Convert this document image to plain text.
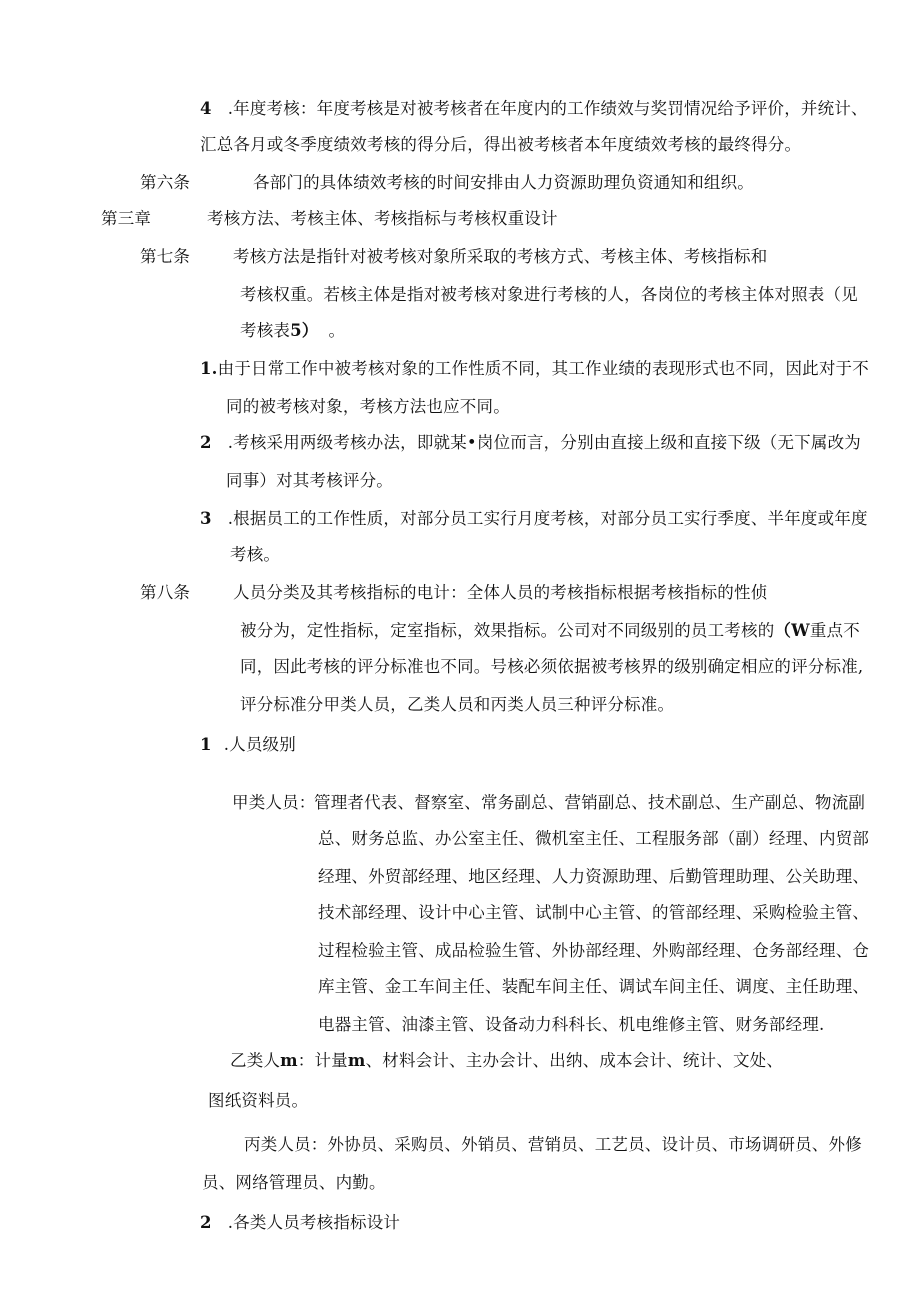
4 .年度考核：年度考核是对被考核者在年度内的工作绩效与奖罚情况给予评价，并统计、
汇总各月或冬季度绩效考核的得分后，得出被考核者本年度绩效考核的最终得分。
第六条	各部门的具体绩效考核的时间安排由人力资源助理负资通知和组织。
第三章	考核方法、考核主体、考核指标与考核权重设计
第七条	考核方法是指针对被考核对象所采取的考核方式、考核主体、考核指标和
考核权重。若核主体是指对被考核对象进行考核的人，各岗位的考核主体对照表（见
考核表5） 。
1.由于日常工作中被考核对象的工作性质不同，其工作业绩的表现形式也不同，因此对于不
同的被考核对象，考核方法也应不同。
2 .考核采用两级考核办法，即就某•岗位而言，分别由直接上级和直接下级（无下属改为
同事）对其考核评分。
3 .根据员工的工作性质，对部分员工实行月度考核，对部分员工实行季度、半年度或年度
考核。
第八条	人员分类及其考核指标的电计：全体人员的考核指标根据考核指标的性侦
被分为，定性指标，定室指标，效果指标。公司对不同级别的员工考核的（W重点不
同，因此考核的评分标准也不同。号核必须依据被考核界的级别确定相应的评分标准,
评分标准分甲类人员，乙类人员和丙类人员三种评分标准。
1 .人员级别
甲类人员：
管理者代表、督察室、常务副总、营销副总、技术副总、生产副总、物流副
总、财务总监、办公室主任、微机室主任、工程服务部（副）经理、内贸部
经理、外贸部经理、地区经理、人力资源助理、后勤管理助理、公关助理、
技术部经理、设计中心主管、试制中心主管、的管部经理、采购检验主管、
过程检验主管、成品检验生管、外协部经理、外购部经理、仓务部经理、仓
库主管、金工车间主任、装配车间主任、调试车间主任、调度、主任助理、
电器主管、油漆主管、设备动力科科长、机电维修主管、财务部经理.
乙类人m：计量m、材料会计、主办会计、出纳、成本会计、统计、文处、
图纸资料员。
丙类人员：外协员、采购员、外销员、营销员、工艺员、设计员、市场调研员、外修
员、网络管理员、内勤。
2 .各类人员考核指标设计
